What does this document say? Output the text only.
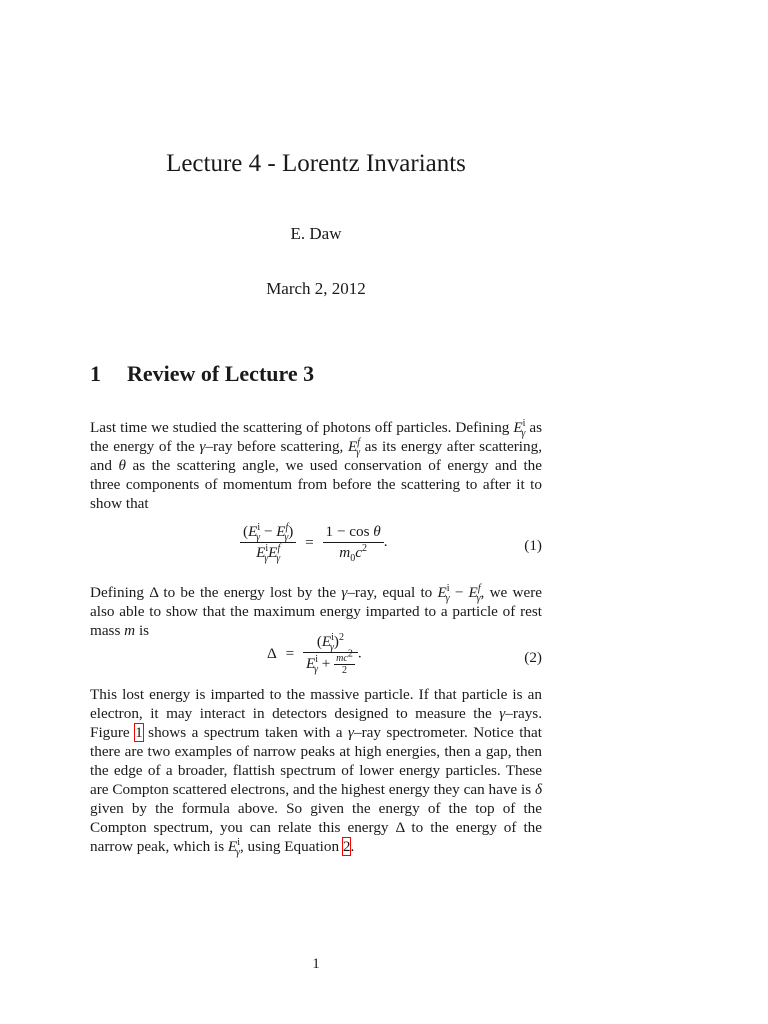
Lecture 4 - Lorentz Invariants
E. Daw
March 2, 2012
1 Review of Lecture 3

Last time we studied the scattering of photons off particles. Defining $E^i_\gamma$ as the energy of the γ–ray before scattering, $E^f_\gamma$ as its energy after scattering, and θ as the scattering angle, we used conservation of energy and the three components of momentum from before the scattering to after it to show that

$\frac{(E^i_\gamma - E^f_\gamma)}{E^i_\gamma E^f_\gamma} = \frac{\text{1 − cos θ}}{m_0c^2}$ .	(1)

Defining Δ to be the energy lost by the γ–ray, equal to $E^i_\gamma - E^f_\gamma$, we were also able to show that the maximum energy imparted to a particle of rest mass m is

$\Delta = \frac{(E^i_\gamma)^2}{E^i_\gamma + \frac{mc^2}{2}}$ .	(2)

This lost energy is imparted to the massive particle. If that particle is an electron, it may interact in detectors designed to measure the γ–rays. Figure 1 shows a spectrum taken with a γ–ray spectrometer. Notice that there are two examples of narrow peaks at high energies, then a gap, then the edge of a broader, flattish spectrum of lower energy particles. These are Compton scattered electrons, and the highest energy they can have is δ given by the formula above. So given the energy of the top of the Compton spectrum, you can relate this energy Δ to the energy of the narrow peak, which is $E^i_\gamma$, using Equation 2.

1
